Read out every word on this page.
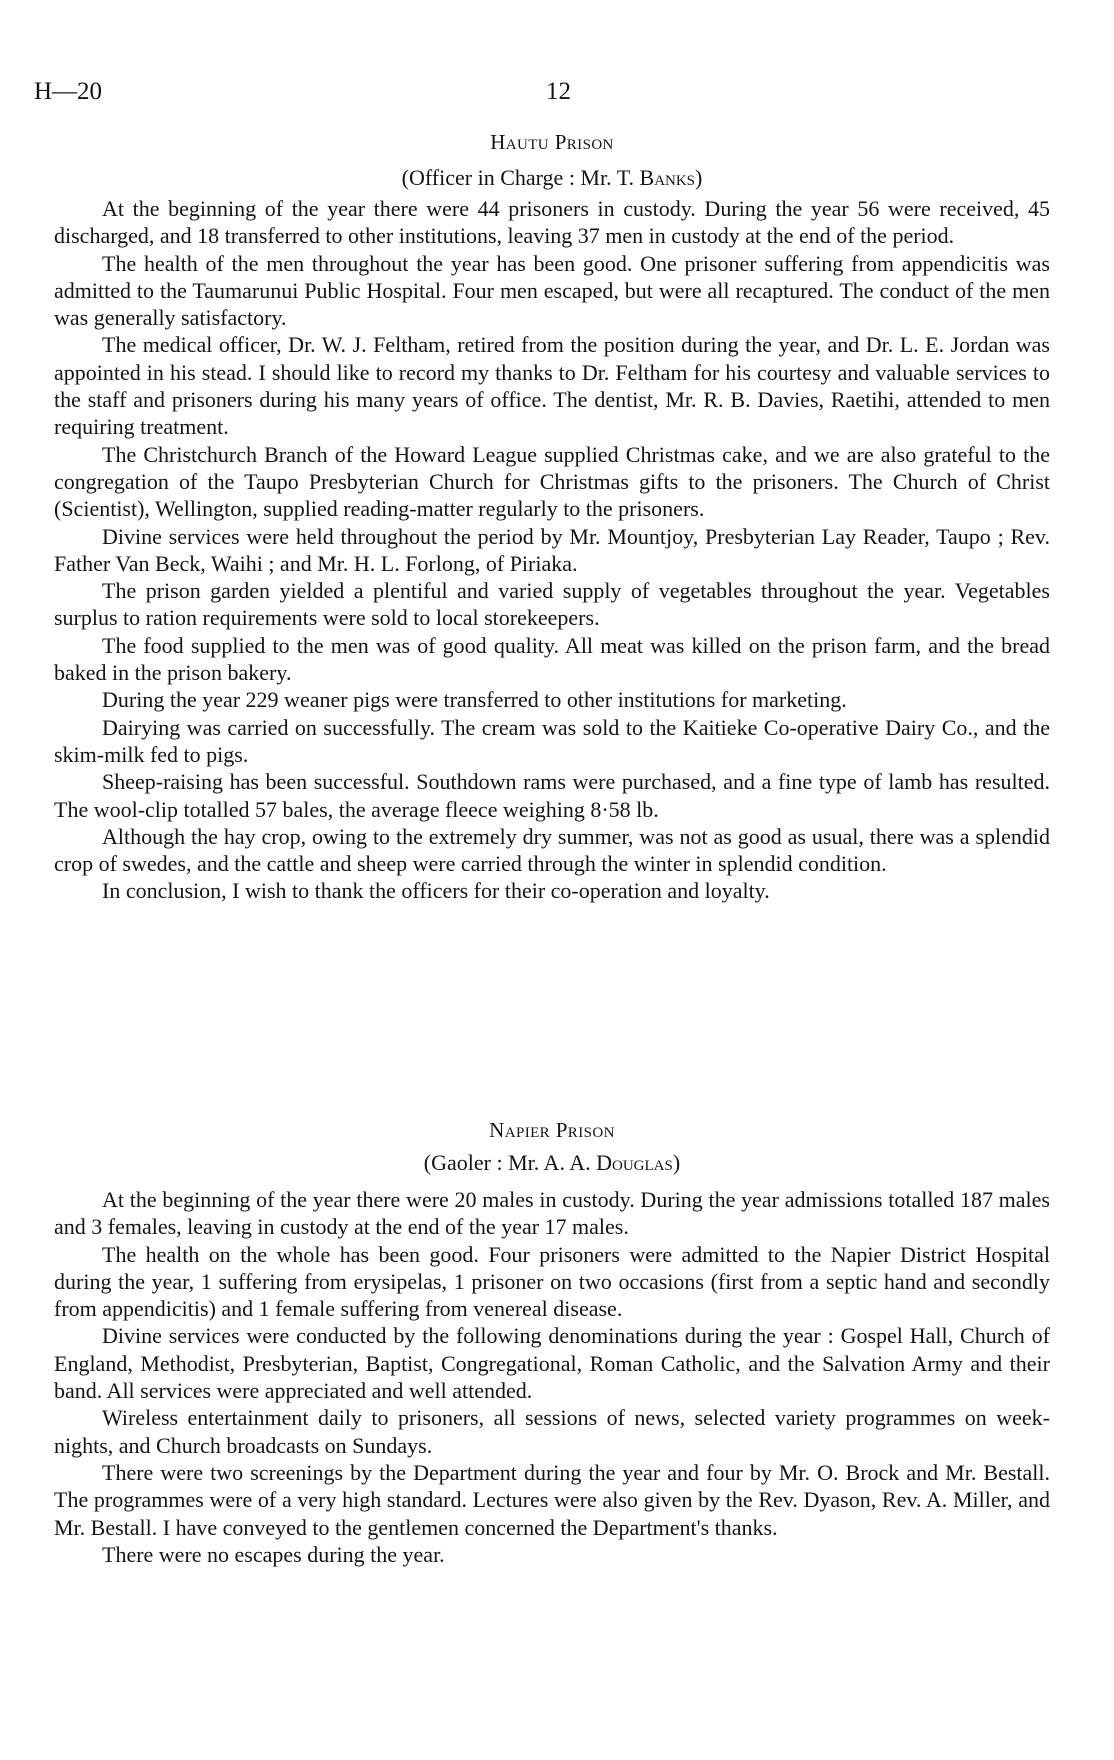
H—20	12
Hautu Prison
(Officer in Charge : Mr. T. Banks)

At the beginning of the year there were 44 prisoners in custody. During the year 56 were received, 45 discharged, and 18 transferred to other institutions, leaving 37 men in custody at the end of the period.

The health of the men throughout the year has been good. One prisoner suffering from appendicitis was admitted to the Taumarunui Public Hospital. Four men escaped, but were all recaptured. The conduct of the men was generally satisfactory.

The medical officer, Dr. W. J. Feltham, retired from the position during the year, and Dr. L. E. Jordan was appointed in his stead. I should like to record my thanks to Dr. Feltham for his courtesy and valuable services to the staff and prisoners during his many years of office. The dentist, Mr. R. B. Davies, Raetihi, attended to men requiring treatment.

The Christchurch Branch of the Howard League supplied Christmas cake, and we are also grateful to the congregation of the Taupo Presbyterian Church for Christmas gifts to the prisoners. The Church of Christ (Scientist), Wellington, supplied reading-matter regularly to the prisoners.

Divine services were held throughout the period by Mr. Mountjoy, Presbyterian Lay Reader, Taupo ; Rev. Father Van Beck, Waihi ; and Mr. H. L. Forlong, of Piriaka.

The prison garden yielded a plentiful and varied supply of vegetables throughout the year. Vegetables surplus to ration requirements were sold to local storekeepers.

The food supplied to the men was of good quality. All meat was killed on the prison farm, and the bread baked in the prison bakery.

During the year 229 weaner pigs were transferred to other institutions for marketing.

Dairying was carried on successfully. The cream was sold to the Kaitieke Co-operative Dairy Co., and the skim-milk fed to pigs.

Sheep-raising has been successful. Southdown rams were purchased, and a fine type of lamb has resulted. The wool-clip totalled 57 bales, the average fleece weighing 8·58 lb.

Although the hay crop, owing to the extremely dry summer, was not as good as usual, there was a splendid crop of swedes, and the cattle and sheep were carried through the winter in splendid condition.

In conclusion, I wish to thank the officers for their co-operation and loyalty.

Napier Prison
(Gaoler : Mr. A. A. Douglas)

At the beginning of the year there were 20 males in custody. During the year admissions totalled 187 males and 3 females, leaving in custody at the end of the year 17 males.

The health on the whole has been good. Four prisoners were admitted to the Napier District Hospital during the year, 1 suffering from erysipelas, 1 prisoner on two occasions (first from a septic hand and secondly from appendicitis) and 1 female suffering from venereal disease.

Divine services were conducted by the following denominations during the year : Gospel Hall, Church of England, Methodist, Presbyterian, Baptist, Congregational, Roman Catholic, and the Salvation Army and their band. All services were appreciated and well attended.

Wireless entertainment daily to prisoners, all sessions of news, selected variety programmes on week-nights, and Church broadcasts on Sundays.

There were two screenings by the Department during the year and four by Mr. O. Brock and Mr. Bestall. The programmes were of a very high standard. Lectures were also given by the Rev. Dyason, Rev. A. Miller, and Mr. Bestall. I have conveyed to the gentlemen concerned the Department's thanks.

There were no escapes during the year.
